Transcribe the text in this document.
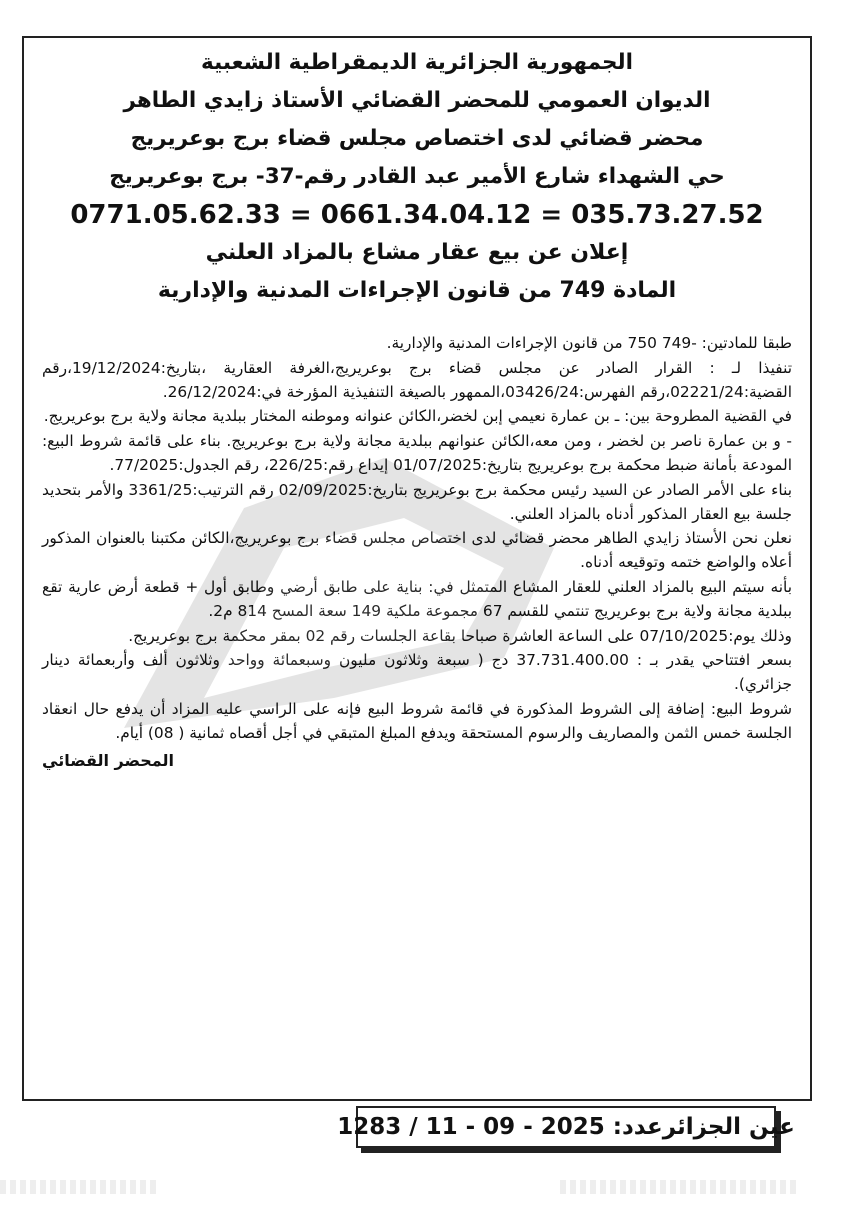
الجمهورية الجزائرية الديمقراطية الشعبية

الديوان العمومي للمحضر القضائي الأستاذ زايدي الطاهر

محضر قضائي لدى اختصاص مجلس قضاء برج بوعريريج

حي الشهداء شارع الأمير عبد القادر رقم-37- برج بوعريريج

0771.05.62.33 = 0661.34.04.12 = 035.73.27.52

إعلان عن بيع عقار مشاع بالمزاد العلني

المادة 749 من قانون الإجراءات المدنية والإدارية

طبقا للمادتين: -749 750 من قانون الإجراءات المدنية والإدارية.

تنفيذا لـ : القرار الصادر عن مجلس قضاء برج بوعريريج،الغرفة العقارية ،بتاريخ:19/12/2024،رقم القضية:02221/24،رقم الفهرس:03426/24،الممهور بالصيغة التنفيذية المؤرخة في:26/12/2024.

في القضية المطروحة بين: ـ بن عمارة نعيمي إبن لخضر،الكائن عنوانه وموطنه المختار ببلدية مجانة ولاية برج بوعريريج.

- و بن عمارة ناصر بن لخضر ، ومن معه،الكائن عنوانهم ببلدية مجانة ولاية برج بوعريريج. بناء على قائمة شروط البيع: المودعة بأمانة ضبط محكمة برج بوعريريج بتاريخ:01/07/2025 إيداع رقم:226/25، رقم الجدول:77/2025.

بناء على الأمر الصادر عن السيد رئيس محكمة برج بوعريريج بتاريخ:02/09/2025 رقم الترتيب:3361/25 والأمر بتحديد جلسة بيع العقار المذكور أدناه بالمزاد العلني.

نعلن نحن الأستاذ زايدي الطاهر محضر قضائي لدى اختصاص مجلس قضاء برج بوعريريج،الكائن مكتبنا بالعنوان المذكور أعلاه والواضع ختمه وتوقيعه أدناه.

بأنه سيتم البيع بالمزاد العلني للعقار المشاع المتمثل في: بناية على طابق أرضي وطابق أول + قطعة أرض عارية تقع ببلدية مجانة ولاية برج بوعريريج تنتمي للقسم 67 مجموعة ملكية 149 سعة المسح 814 م2.

وذلك يوم:07/10/2025 على الساعة العاشرة صباحا بقاعة الجلسات رقم 02 بمقر محكمة برج بوعريريج.

بسعر افتتاحي يقدر بـ : 37.731.400.00 دج ( سبعة وثلاثون مليون وسبعمائة وواحد وثلاثون ألف وأربعمائة دينار جزائري).

شروط البيع: إضافة إلى الشروط المذكورة في قائمة شروط البيع فإنه على الراسي عليه المزاد أن يدفع حال انعقاد الجلسة خمس الثمن والمصاريف والرسوم المستحقة ويدفع المبلغ المتبقي في أجل أقصاه ثمانية ( 08) أيام.

المحضر القضائي
عين الجزائرعدد:
1283 / 11 - 09 - 2025
